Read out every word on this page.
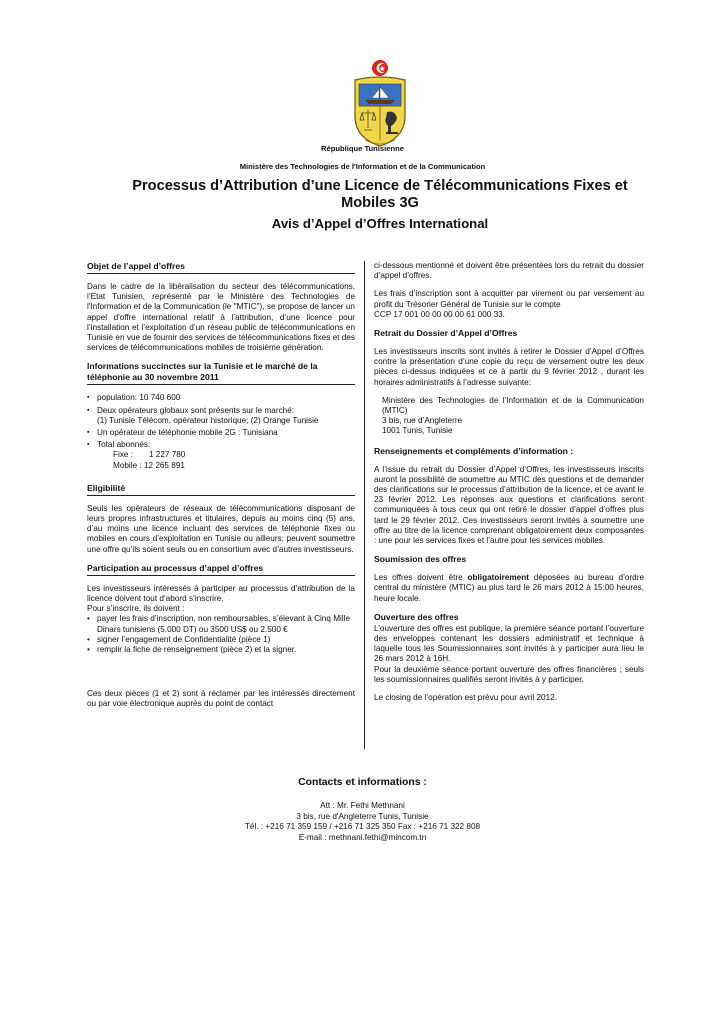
République Tunisienne
Ministère des Technologies de l'Information et de la Communication
Processus d’Attribution d’une Licence de Télécommunications Fixes et Mobiles 3G
Avis d’Appel d’Offres International
Objet de l’appel d’offres

Dans le cadre de la libéralisation du secteur des télécommunications, l’Etat Tunisien, représenté par le Ministère des Technologies de l'Information et de la Communication (le "MTIC"), se propose de lancer un appel d'offre international relatif à l’attribution, d’une licence pour l’installation et l’exploitation d’un réseau public de télécommunications en Tunisie en vue de fournir des services de télécommunications fixes et des services de télécommunications mobiles de troisième génération.

Informations succinctes sur la Tunisie et le marché de la téléphonie au 30 novembre 2011
▪ population: 10 740 600
▪ Deux opérateurs globaux sont présents sur le marché:
(1) Tunisie Télécom, opérateur historique; (2) Orange Tunisie
▪ Un opérateur de téléphonie mobile 2G : Tunisiana
▪ Total abonnés:
Fixe :       1 227 780
Mobile : 12 265 891
Eligibilité

Seuls les opérateurs de réseaux de télécommunications disposant de leurs propres infrastructures et titulaires, depuis au moins cinq (5) ans, d’au moins une licence incluant des services de téléphonie fixes ou mobiles en cours d’exploitation en Tunisie ou ailleurs; peuvent soumettre une offre qu’ils soient seuls ou en consortium avec d’autres investisseurs.

Participation au processus d’appel d’offres

Les investisseurs intéressés à participer au processus d’attribution de la licence doivent tout d’abord s’inscrire.

Pour s’inscrire, ils doivent :
• payer les frais d’inscription, non remboursables, s’élevant à Cinq Mille Dinars tunisiens (5.000 DT) ou 3500 US$ ou 2.500 €
• signer l’engagement de Confidentialité (pièce 1)
• remplir la fiche de renseignement (pièce 2) et la signer.

Ces deux pièces (1 et 2) sont à réclamer par les intéressés directement ou par voie électronique auprès du point de contact

ci-dessous mentionné et doivent être présentées lors du retrait du dossier d’appel d’offres.

Les frais d’inscription sont à acquitter par virement ou par versement au profit du Trésorier Général de Tunisie sur le compte
CCP 17 001 00 00 00 00 61 000 33.

Retrait du Dossier d’Appel d’Offres

Les investisseurs inscrits sont invités à retirer le Dossier d’Appel d’Offres contre la présentation d’une copie du reçu de versement outre les deux pièces ci-dessus indiquées et ce à partir du 9 février 2012 , durant les horaires administratifs à l’adresse suivante:

Ministère des Technologies de l'Information et de la Communication (MTIC)
3 bis, rue d’Angleterre
1001 Tunis, Tunisie
Renseignements et compléments d’information :

A l’issue du retrait du Dossier d’Appel d’Offres, les investisseurs inscrits auront la possibilité de soumettre au MTIC des questions et de demander des clarifications sur le processus d’attribution de la licence, et ce avant le 23 février 2012. Les réponses aux questions et clarifications seront communiquées à tous ceux qui ont retiré le dossier d’appel d’offres plus tard le 29 février 2012. Ces investisseurs seront invités à soumettre une offre au titre de la licence comprenant obligatoirement deux composantes : une pour les services fixes et l’autre pour les services mobiles.

Soumission des offres

Les offres doivent être obligatoirement déposées au bureau d’ordre central du ministère (MTIC) au plus tard le 26 mars 2012 à 15:00 heures, heure locale.

Ouverture des offres

L’ouverture des offres est publique, la première séance portant l’ouverture des enveloppes contenant les dossiers administratif et technique à laquelle tous les Soumissionnaires sont invités à y participer aura lieu le 26 mars 2012 à 16H.
Pour la deuxième séance portant ouverture des offres financières ; seuls les soumissionnaires qualifiés seront invités à y participer.

Le closing de l’opération est prévu pour avril 2012.

Contacts et informations :
Att : Mr. Fethi Methnani
3 bis, rue d'Angleterre Tunis, Tunisie
Tél. : +216 71 359 159 / +216 71 325 350 Fax : +216 71 322 808
E-mail : methnani.fethi@mincom.tn
